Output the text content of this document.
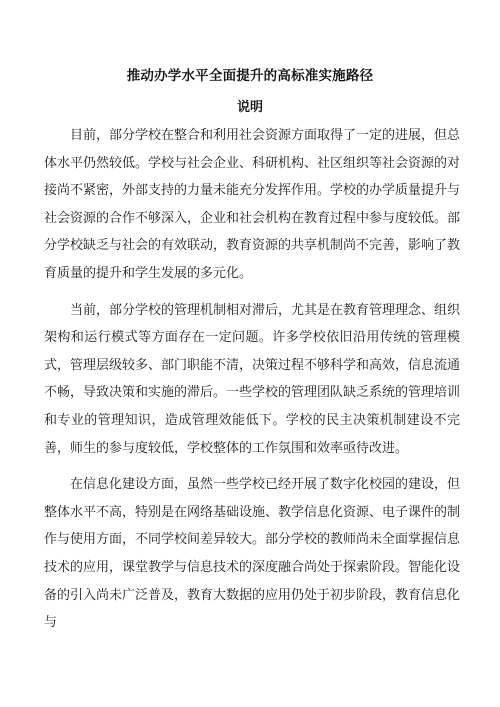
推动办学水平全面提升的高标准实施路径
说明

目前，部分学校在整合和利用社会资源方面取得了一定的进展，但总体水平仍然较低。学校与社会企业、科研机构、社区组织等社会资源的对接尚不紧密，外部支持的力量未能充分发挥作用。学校的办学质量提升与社会资源的合作不够深入，企业和社会机构在教育过程中参与度较低。部分学校缺乏与社会的有效联动，教育资源的共享机制尚不完善，影响了教育质量的提升和学生发展的多元化。

当前，部分学校的管理机制相对滞后，尤其是在教育管理理念、组织架构和运行模式等方面存在一定问题。许多学校依旧沿用传统的管理模式，管理层级较多、部门职能不清，决策过程不够科学和高效，信息流通不畅，导致决策和实施的滞后。一些学校的管理团队缺乏系统的管理培训和专业的管理知识，造成管理效能低下。学校的民主决策机制建设不完善，师生的参与度较低，学校整体的工作氛围和效率亟待改进。

在信息化建设方面，虽然一些学校已经开展了数字化校园的建设，但整体水平不高，特别是在网络基础设施、教学信息化资源、电子课件的制作与使用方面，不同学校间差异较大。部分学校的教师尚未全面掌握信息技术的应用，课堂教学与信息技术的深度融合尚处于探索阶段。智能化设备的引入尚未广泛普及，教育大数据的应用仍处于初步阶段，教育信息化与
